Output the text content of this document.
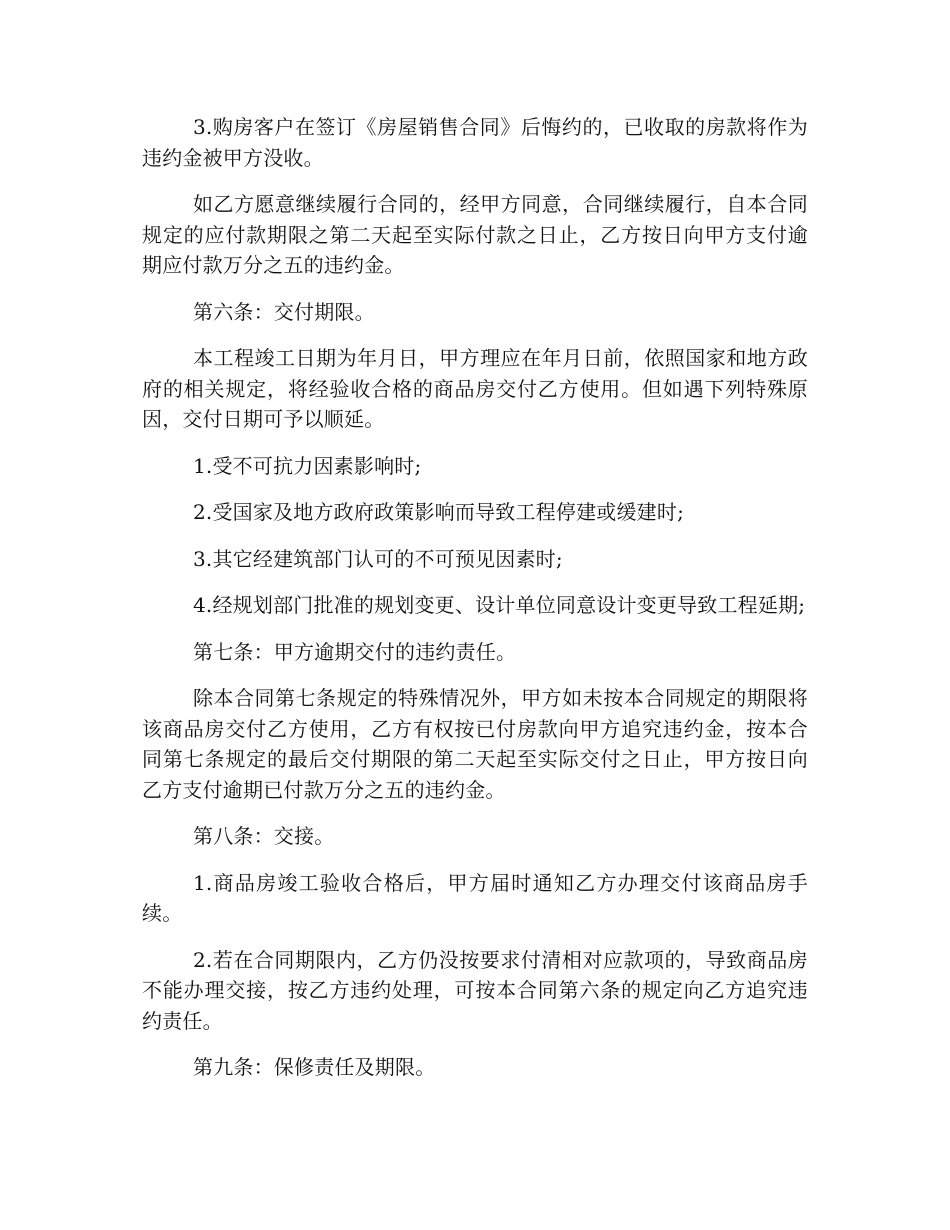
3.购房客户在签订《房屋销售合同》后悔约的，已收取的房款将作为违约金被甲方没收。

如乙方愿意继续履行合同的，经甲方同意，合同继续履行，自本合同规定的应付款期限之第二天起至实际付款之日止，乙方按日向甲方支付逾期应付款万分之五的违约金。

第六条：交付期限。

本工程竣工日期为年月日，甲方理应在年月日前，依照国家和地方政府的相关规定，将经验收合格的商品房交付乙方使用。但如遇下列特殊原因，交付日期可予以顺延。

1.受不可抗力因素影响时;

2.受国家及地方政府政策影响而导致工程停建或缓建时;

3.其它经建筑部门认可的不可预见因素时;

4.经规划部门批准的规划变更、设计单位同意设计变更导致工程延期;

第七条：甲方逾期交付的违约责任。

除本合同第七条规定的特殊情况外，甲方如未按本合同规定的期限将该商品房交付乙方使用，乙方有权按已付房款向甲方追究违约金，按本合同第七条规定的最后交付期限的第二天起至实际交付之日止，甲方按日向乙方支付逾期已付款万分之五的违约金。

第八条：交接。

1.商品房竣工验收合格后，甲方届时通知乙方办理交付该商品房手续。

2.若在合同期限内，乙方仍没按要求付清相对应款项的，导致商品房不能办理交接，按乙方违约处理，可按本合同第六条的规定向乙方追究违约责任。

第九条：保修责任及期限。
